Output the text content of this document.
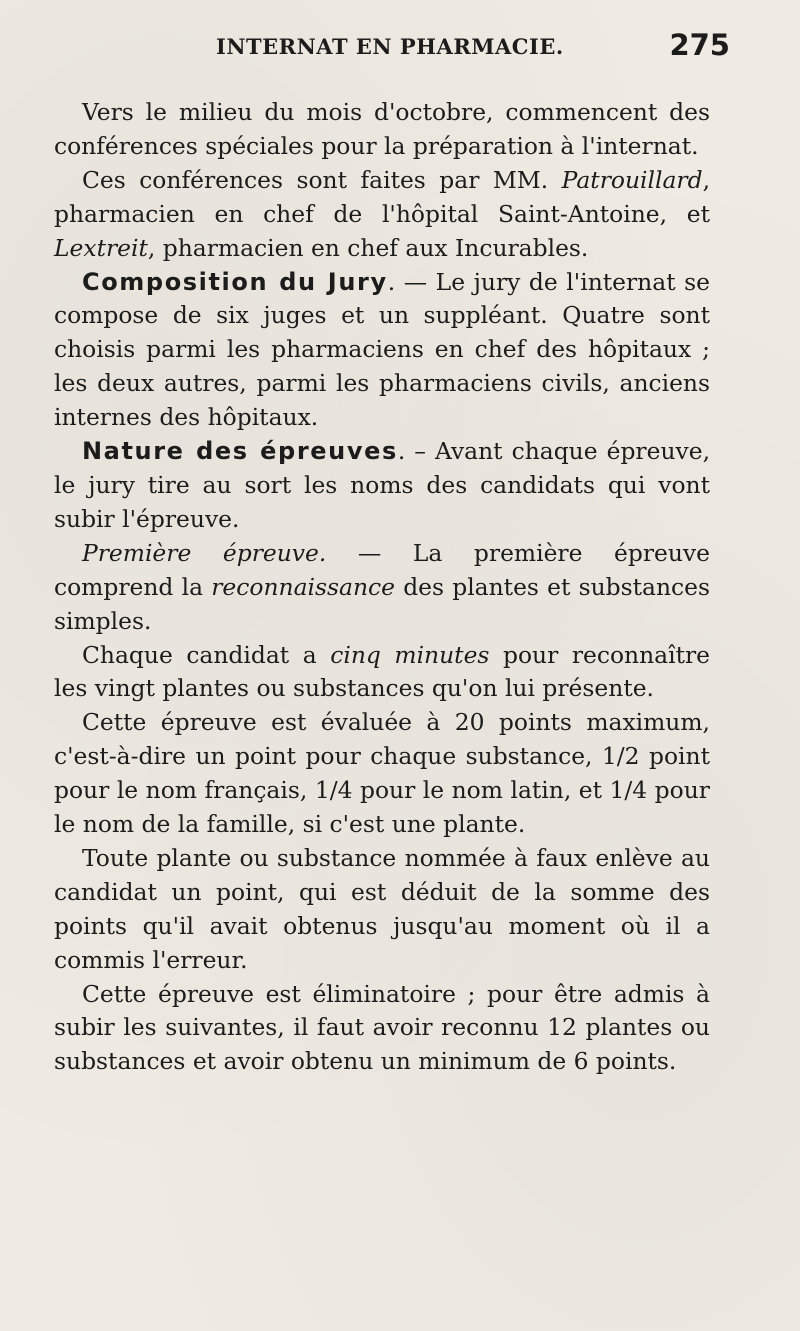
INTERNAT EN PHARMACIE.	275

Vers le milieu du mois d'octobre, commencent des conférences spéciales pour la préparation à l'internat.

Ces conférences sont faites par MM. Patrouillard, pharmacien en chef de l'hôpital Saint-Antoine, et Lextreit, pharmacien en chef aux Incurables.

Composition du Jury. — Le jury de l'internat se compose de six juges et un suppléant. Quatre sont choisis parmi les pharmaciens en chef des hôpitaux ; les deux autres, parmi les pharmaciens civils, anciens internes des hôpitaux.

Nature des épreuves. – Avant chaque épreuve, le jury tire au sort les noms des candidats qui vont subir l'épreuve.

Première épreuve. — La première épreuve comprend la reconnaissance des plantes et substances simples.

Chaque candidat a cinq minutes pour reconnaître les vingt plantes ou substances qu'on lui présente.

Cette épreuve est évaluée à 20 points maximum, c'est-à-dire un point pour chaque substance, 1/2 point pour le nom français, 1/4 pour le nom latin, et 1/4 pour le nom de la famille, si c'est une plante.

Toute plante ou substance nommée à faux enlève au candidat un point, qui est déduit de la somme des points qu'il avait obtenus jusqu'au moment où il a commis l'erreur.

Cette épreuve est éliminatoire ; pour être admis à subir les suivantes, il faut avoir reconnu 12 plantes ou substances et avoir obtenu un minimum de 6 points.
